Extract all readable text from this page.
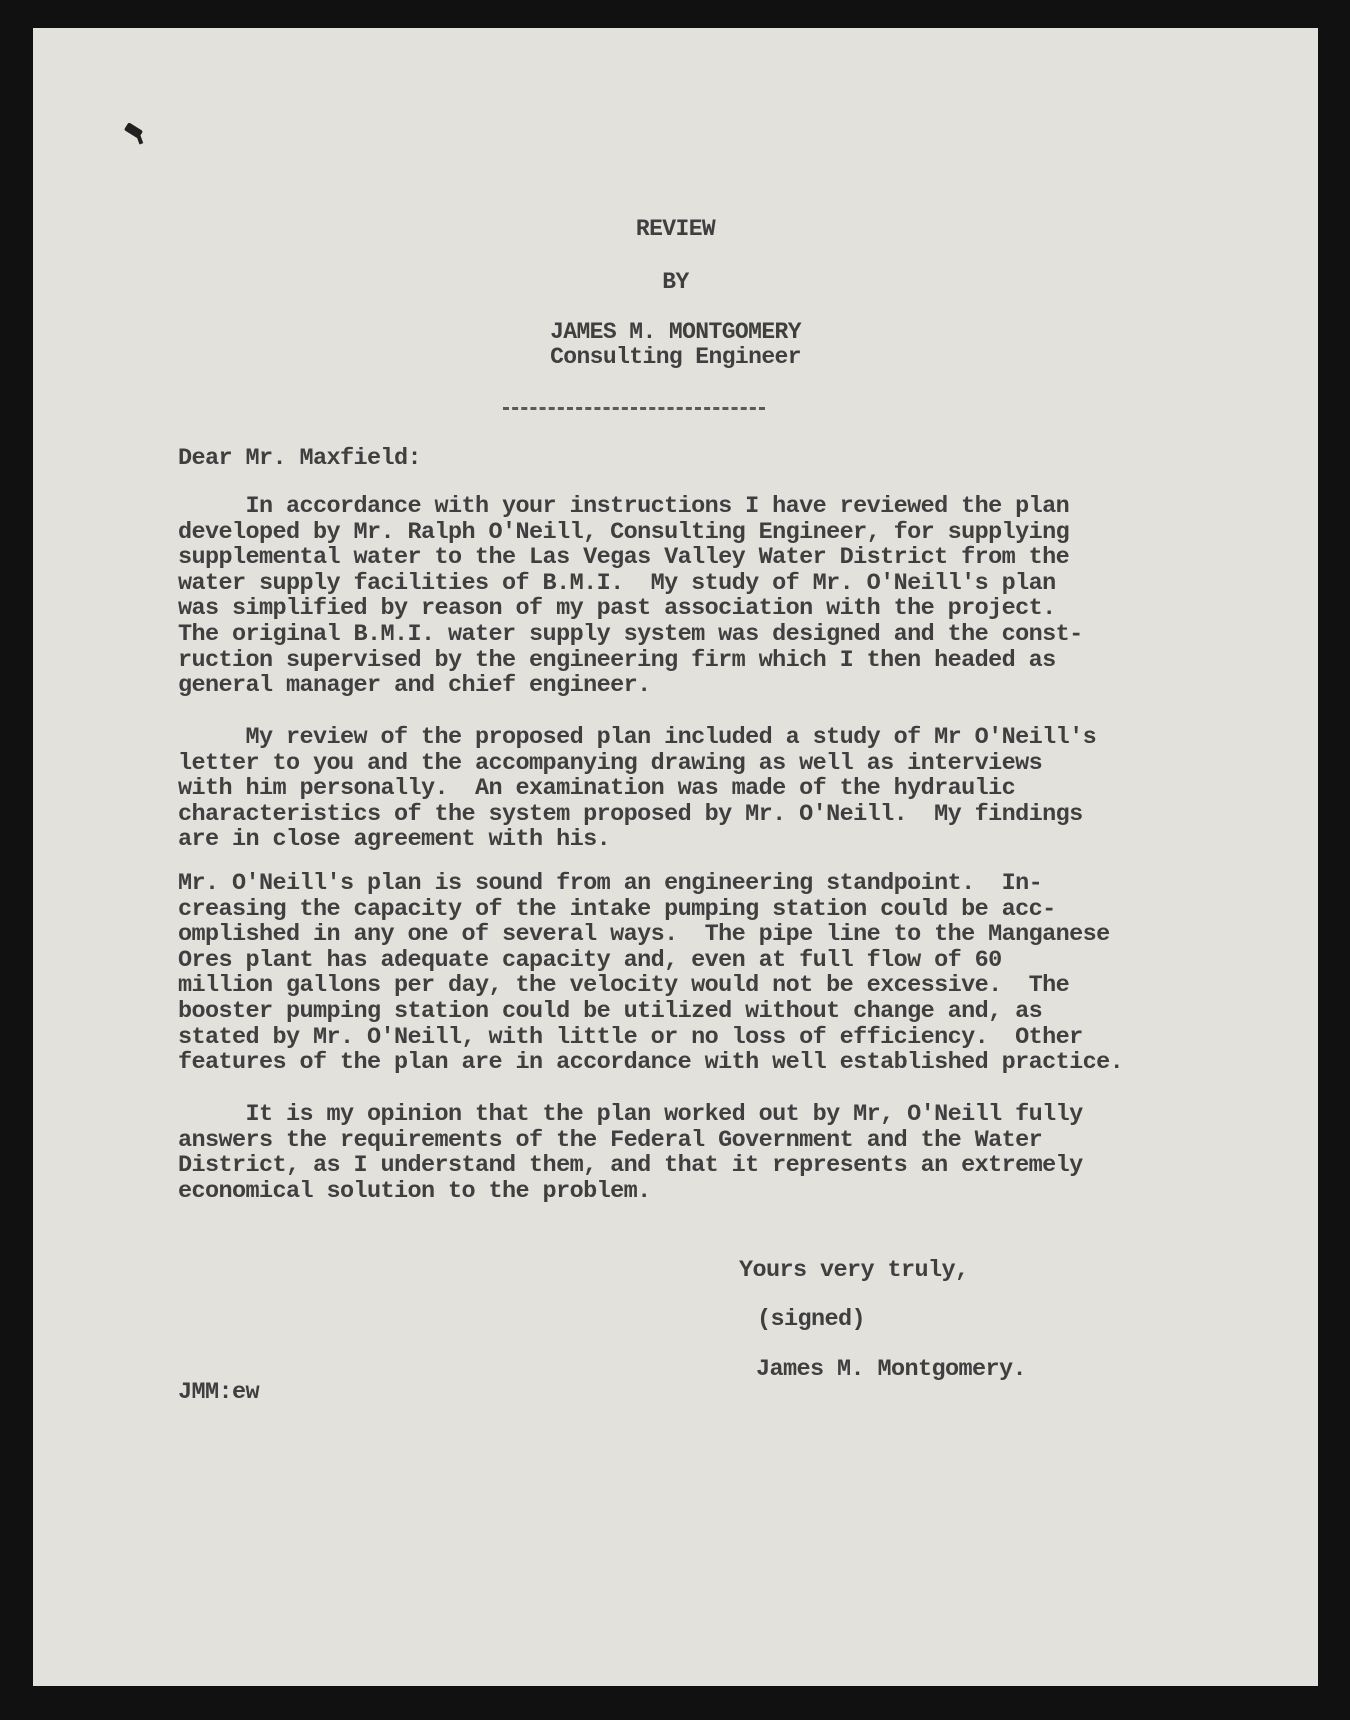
REVIEW
BY
JAMES M. MONTGOMERY
Consulting Engineer
Dear Mr. Maxfield:
In accordance with your instructions I have reviewed the plan
developed by Mr. Ralph O'Neill, Consulting Engineer, for supplying
supplemental water to the Las Vegas Valley Water District from the
water supply facilities of B.M.I.  My study of Mr. O'Neill's plan
was simplified by reason of my past association with the project.
The original B.M.I. water supply system was designed and the const-
ruction supervised by the engineering firm which I then headed as
general manager and chief engineer.
My review of the proposed plan included a study of Mr O'Neill's
letter to you and the accompanying drawing as well as interviews
with him personally.  An examination was made of the hydraulic
characteristics of the system proposed by Mr. O'Neill.  My findings
are in close agreement with his.
Mr. O'Neill's plan is sound from an engineering standpoint.  In-
creasing the capacity of the intake pumping station could be acc-
omplished in any one of several ways.  The pipe line to the Manganese
Ores plant has adequate capacity and, even at full flow of 60
million gallons per day, the velocity would not be excessive.  The
booster pumping station could be utilized without change and, as
stated by Mr. O'Neill, with little or no loss of efficiency.  Other
features of the plan are in accordance with well established practice.
It is my opinion that the plan worked out by Mr, O'Neill fully
answers the requirements of the Federal Government and the Water
District, as I understand them, and that it represents an extremely
economical solution to the problem.
Yours very truly,
(signed)
James M. Montgomery.
JMM:ew
